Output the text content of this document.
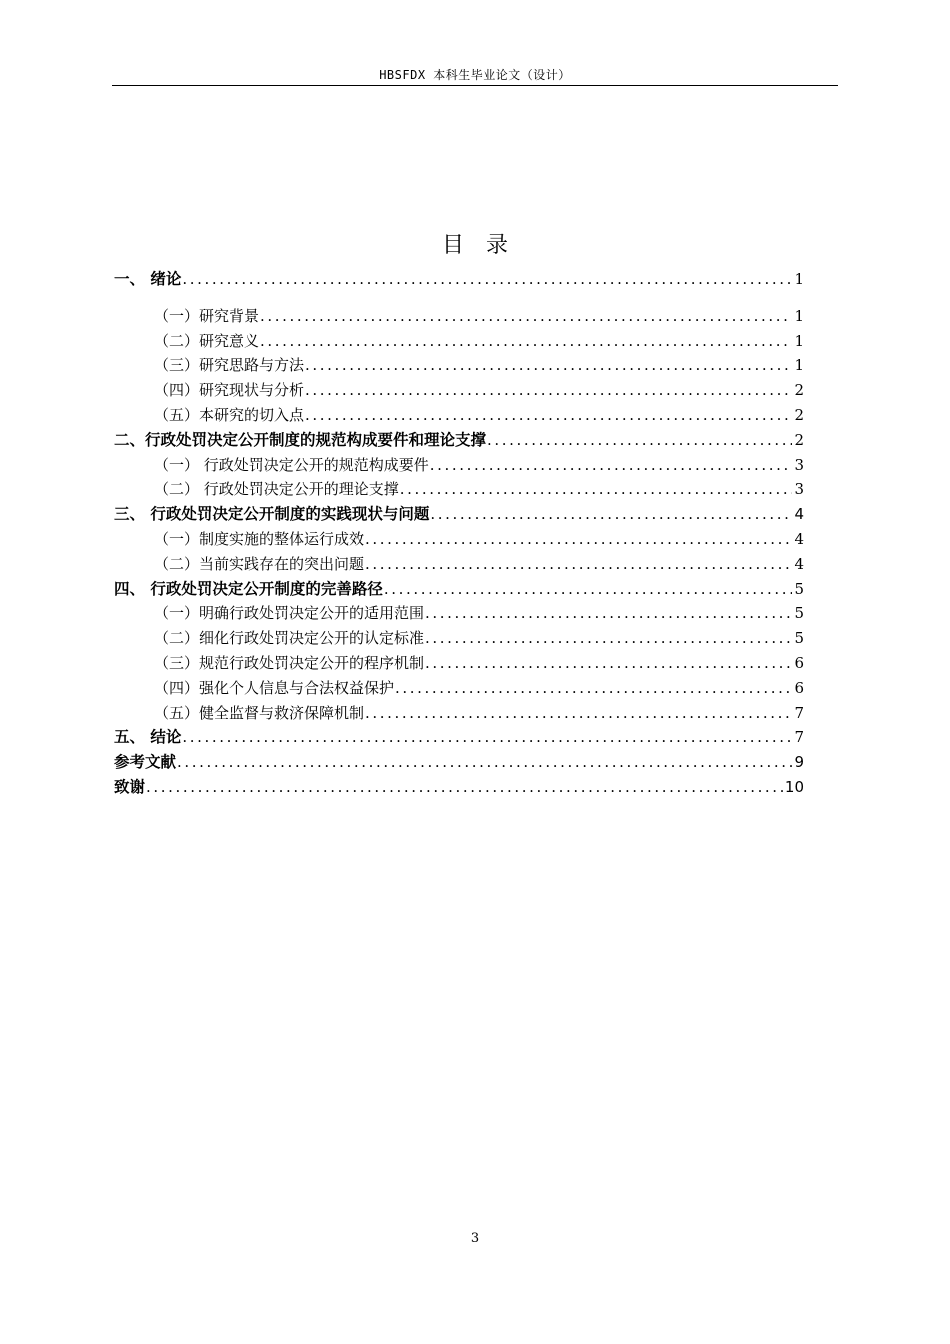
HBSFDX 本科生毕业论文（设计）
目 录
一、 绪论 .....	1
（一）研究背景 .....	1
（二）研究意义 .....	1
（三）研究思路与方法 .....	1
（四）研究现状与分析 .....	2
（五）本研究的切入点 .....	2
二、行政处罚决定公开制度的规范构成要件和理论支撑 .....	2
（一） 行政处罚决定公开的规范构成要件 .....	3
（二） 行政处罚决定公开的理论支撑 .....	3
三、 行政处罚决定公开制度的实践现状与问题 .....	4
（一）制度实施的整体运行成效 .....	4
（二）当前实践存在的突出问题 .....	4
四、 行政处罚决定公开制度的完善路径 .....	5
（一）明确行政处罚决定公开的适用范围 .....	5
（二）细化行政处罚决定公开的认定标准 .....	5
（三）规范行政处罚决定公开的程序机制 .....	6
（四）强化个人信息与合法权益保护 .....	6
（五）健全监督与救济保障机制 .....	7
五、 结论 .....	7
参考文献 .....	9
致谢 .....	10
3
